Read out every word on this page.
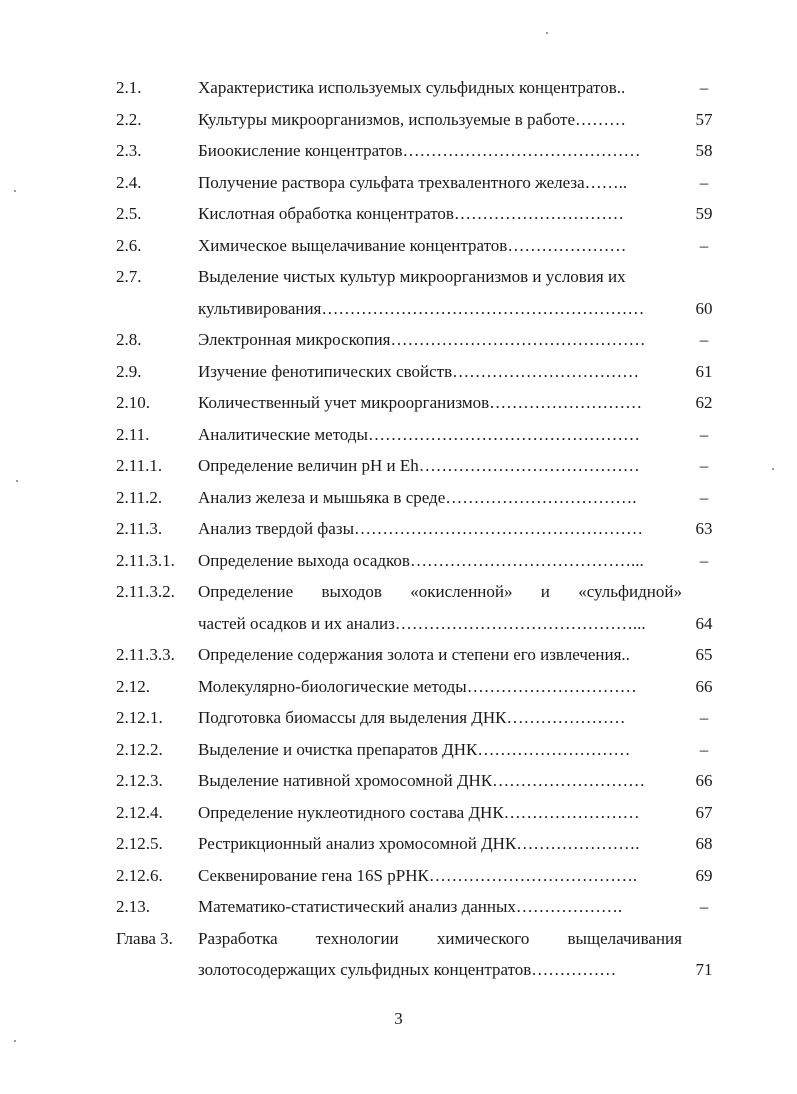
2.1.	Характеристика используемых сульфидных концентратов..	–
2.2.	Культуры микроорганизмов, используемые в работе………	57
2.3.	Биоокисление концентратов……………………………………	58
2.4.	Получение раствора сульфата трехвалентного железа……..	–
2.5.	Кислотная обработка концентратов…………………………	59
2.6.	Химическое выщелачивание концентратов…………………	–
2.7.	Выделение чистых культур микроорганизмов и условия их
культивирования…………………………………………………	60
2.8.	Электронная микроскопия………………………………………	–
2.9.	Изучение фенотипических свойств……………………………	61
2.10.	Количественный учет микроорганизмов………………………	62
2.11.	Аналитические методы…………………………………………	–
2.11.1. Определение величин pH и Eh…………………………………	–
2.11.2. Анализ железа и мышьяка в среде…………………………….	–
2.11.3. Анализ твердой фазы……………………………………………	63
2.11.3.1. Определение выхода осадков…………………………………...	–
2.11.3.2. Определение выходов «окисленной» и «сульфидной»
частей осадков и их анализ……………………………………...	64
2.11.3.3. Определение содержания золота и степени его извлечения..	65
2.12.	Молекулярно-биологические методы…………………………	66
2.12.1. Подготовка биомассы для выделения ДНК…………………	–
2.12.2. Выделение и очистка препаратов ДНК………………………	–
2.12.3. Выделение нативной хромосомной ДНК………………………	66
2.12.4. Определение нуклеотидного состава ДНК……………………	67
2.12.5. Рестрикционный анализ хромосомной ДНК………………….	68
2.12.6. Секвенирование гена 16S рРНК……………………………….	69
2.13.	Математико-статистический анализ данных……………….	–
Глава 3. Разработка технологии химического выщелачивания
золотосодержащих сульфидных концентратов……………	71
3
